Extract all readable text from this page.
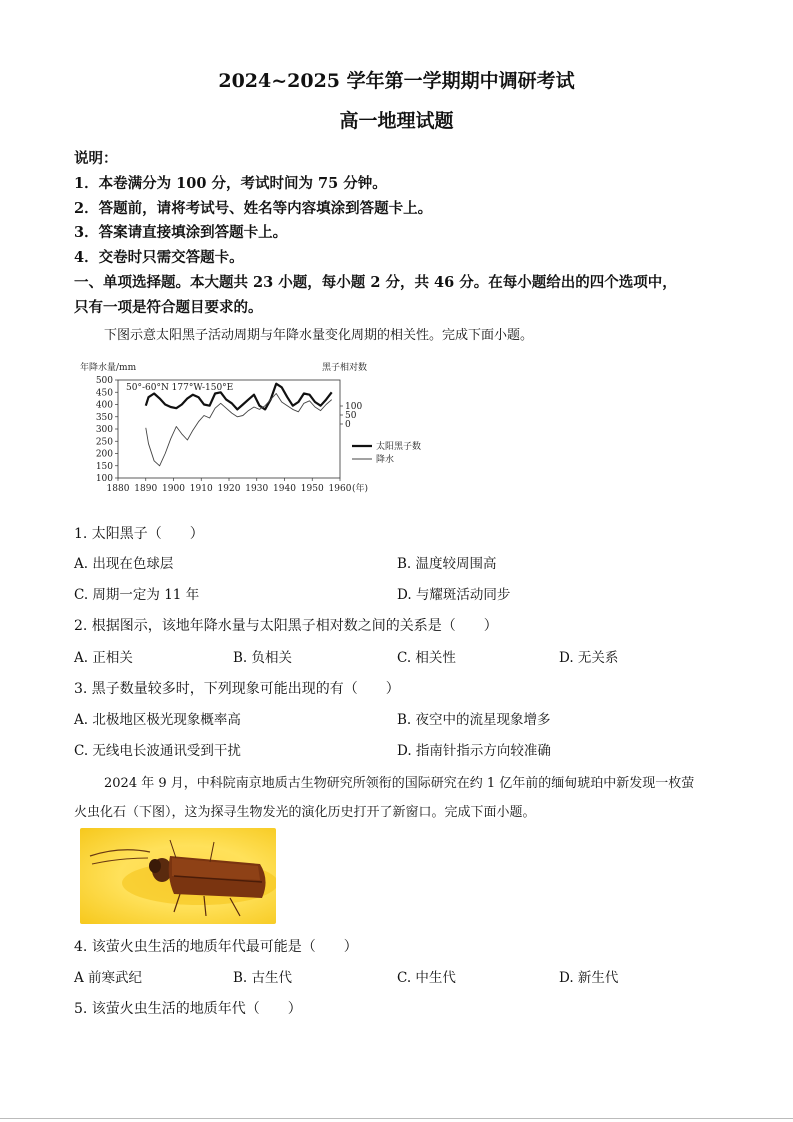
2024~2025 学年第一学期期中调研考试
高一地理试题
说明：
1．本卷满分为 100 分，考试时间为 75 分钟。
2．答题前，请将考试号、姓名等内容填涂到答题卡上。
3．答案请直接填涂到答题卡上。
4．交卷时只需交答题卡。
一、单项选择题。本大题共 23 小题，每小题 2 分，共 46 分。在每小题给出的四个选项中，
只有一项是符合题目要求的。
下图示意太阳黑子活动周期与年降水量变化周期的相关性。完成下面小题。
年降水量/mm	黑子相对数
50°-60°N 177°W-150°E
500
450
400
350
300
250
200
150
100
100
50
0
1880 1890 1900 1910 1920 1930 1940 1950 1960 (年)
太阳黑子数
降水
1. 太阳黑子（　　）
A. 出现在色球层	B. 温度较周围高
C. 周期一定为 11 年	D. 与耀斑活动同步
2. 根据图示，该地年降水量与太阳黑子相对数之间的关系是（　　）
A. 正相关	B. 负相关	C. 相关性	D. 无关系
3. 黑子数量较多时，下列现象可能出现的有（　　）
A. 北极地区极光现象概率高	B. 夜空中的流星现象增多
C. 无线电长波通讯受到干扰	D. 指南针指示方向较准确
2024 年 9 月，中科院南京地质古生物研究所领衔的国际研究在约 1 亿年前的缅甸琥珀中新发现一枚萤
火虫化石（下图），这为探寻生物发光的演化历史打开了新窗口。完成下面小题。
4. 该萤火虫生活的地质年代最可能是（　　）
A 前寒武纪	B. 古生代	C. 中生代	D. 新生代
5. 该萤火虫生活的地质年代（　　）
